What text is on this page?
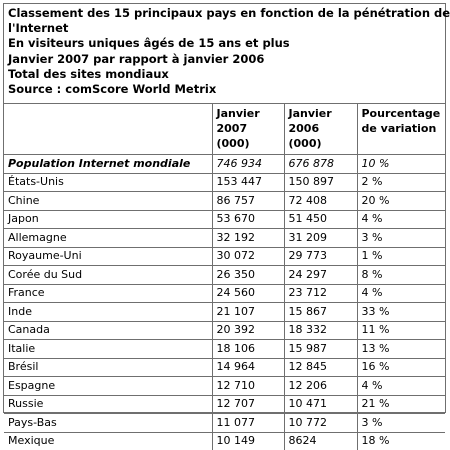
Classement des 15 principaux pays en fonction de la pénétration de
l'Internet
En visiteurs uniques âgés de 15 ans et plus
Janvier 2007 par rapport à janvier 2006
Total des sites mondiaux
Source : comScore World Metrix
	Janvier 2007 (000)	Janvier 2006 (000)	Pourcentage de variation
Population Internet mondiale	746 934	676 878	10 %
États-Unis	153 447	150 897	2 %
Chine	86 757	72 408	20 %
Japon	53 670	51 450	4 %
Allemagne	32 192	31 209	3 %
Royaume-Uni	30 072	29 773	1 %
Corée du Sud	26 350	24 297	8 %
France	24 560	23 712	4 %
Inde	21 107	15 867	33 %
Canada	20 392	18 332	11 %
Italie	18 106	15 987	13 %
Brésil	14 964	12 845	16 %
Espagne	12 710	12 206	4 %
Russie	12 707	10 471	21 %
Pays-Bas	11 077	10 772	3 %
Mexique	10 149	8624	18 %
